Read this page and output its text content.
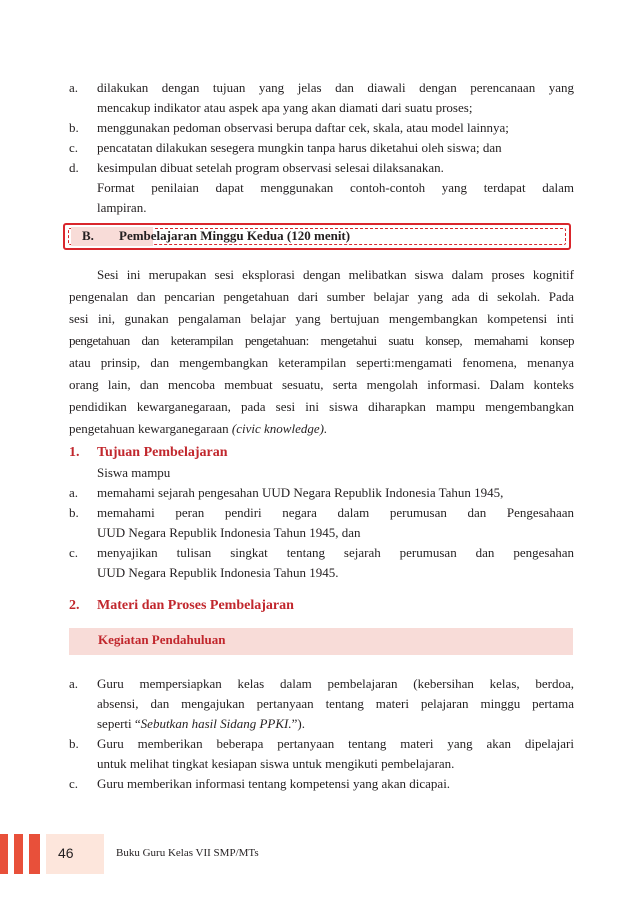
a. dilakukan dengan tujuan yang jelas dan diawali dengan perencanaan yang
mencakup indikator atau aspek apa yang akan diamati dari suatu proses;
b. menggunakan pedoman observasi berupa daftar cek, skala, atau model lainnya;
c. pencatatan dilakukan sesegera mungkin tanpa harus diketahui oleh siswa; dan
d. kesimpulan dibuat setelah program observasi selesai dilaksanakan.
Format penilaian dapat menggunakan contoh-contoh yang terdapat dalam
lampiran.
B. Pembelajaran Minggu Kedua (120 menit)
Sesi ini merupakan sesi eksplorasi dengan melibatkan siswa dalam proses kognitif
pengenalan dan pencarian pengetahuan dari sumber belajar yang ada di sekolah. Pada
sesi ini, gunakan pengalaman belajar yang bertujuan mengembangkan kompetensi inti
pengetahuan dan keterampilan pengetahuan: mengetahui suatu konsep, memahami konsep
atau prinsip, dan mengembangkan keterampilan seperti:mengamati fenomena, menanya
orang lain, dan mencoba membuat sesuatu, serta mengolah informasi. Dalam konteks
pendidikan kewarganegaraan, pada sesi ini siswa diharapkan mampu mengembangkan
pengetahuan kewarganegaraan (civic knowledge).
1. Tujuan Pembelajaran
Siswa mampu
a. memahami sejarah pengesahan UUD Negara Republik Indonesia Tahun 1945,
b. memahami peran pendiri negara dalam perumusan dan Pengesahaan
UUD Negara Republik Indonesia Tahun 1945, dan
c. menyajikan tulisan singkat tentang sejarah perumusan dan pengesahan
UUD Negara Republik Indonesia Tahun 1945.
2. Materi dan Proses Pembelajaran
Kegiatan Pendahuluan
a. Guru mempersiapkan kelas dalam pembelajaran (kebersihan kelas, berdoa,
absensi, dan mengajukan pertanyaan tentang materi pelajaran minggu pertama
seperti “Sebutkan hasil Sidang PPKI.”).
b. Guru memberikan beberapa pertanyaan tentang materi yang akan dipelajari
untuk melihat tingkat kesiapan siswa untuk mengikuti pembelajaran.
c. Guru memberikan informasi tentang kompetensi yang akan dicapai.
46	Buku Guru Kelas VII SMP/MTs
